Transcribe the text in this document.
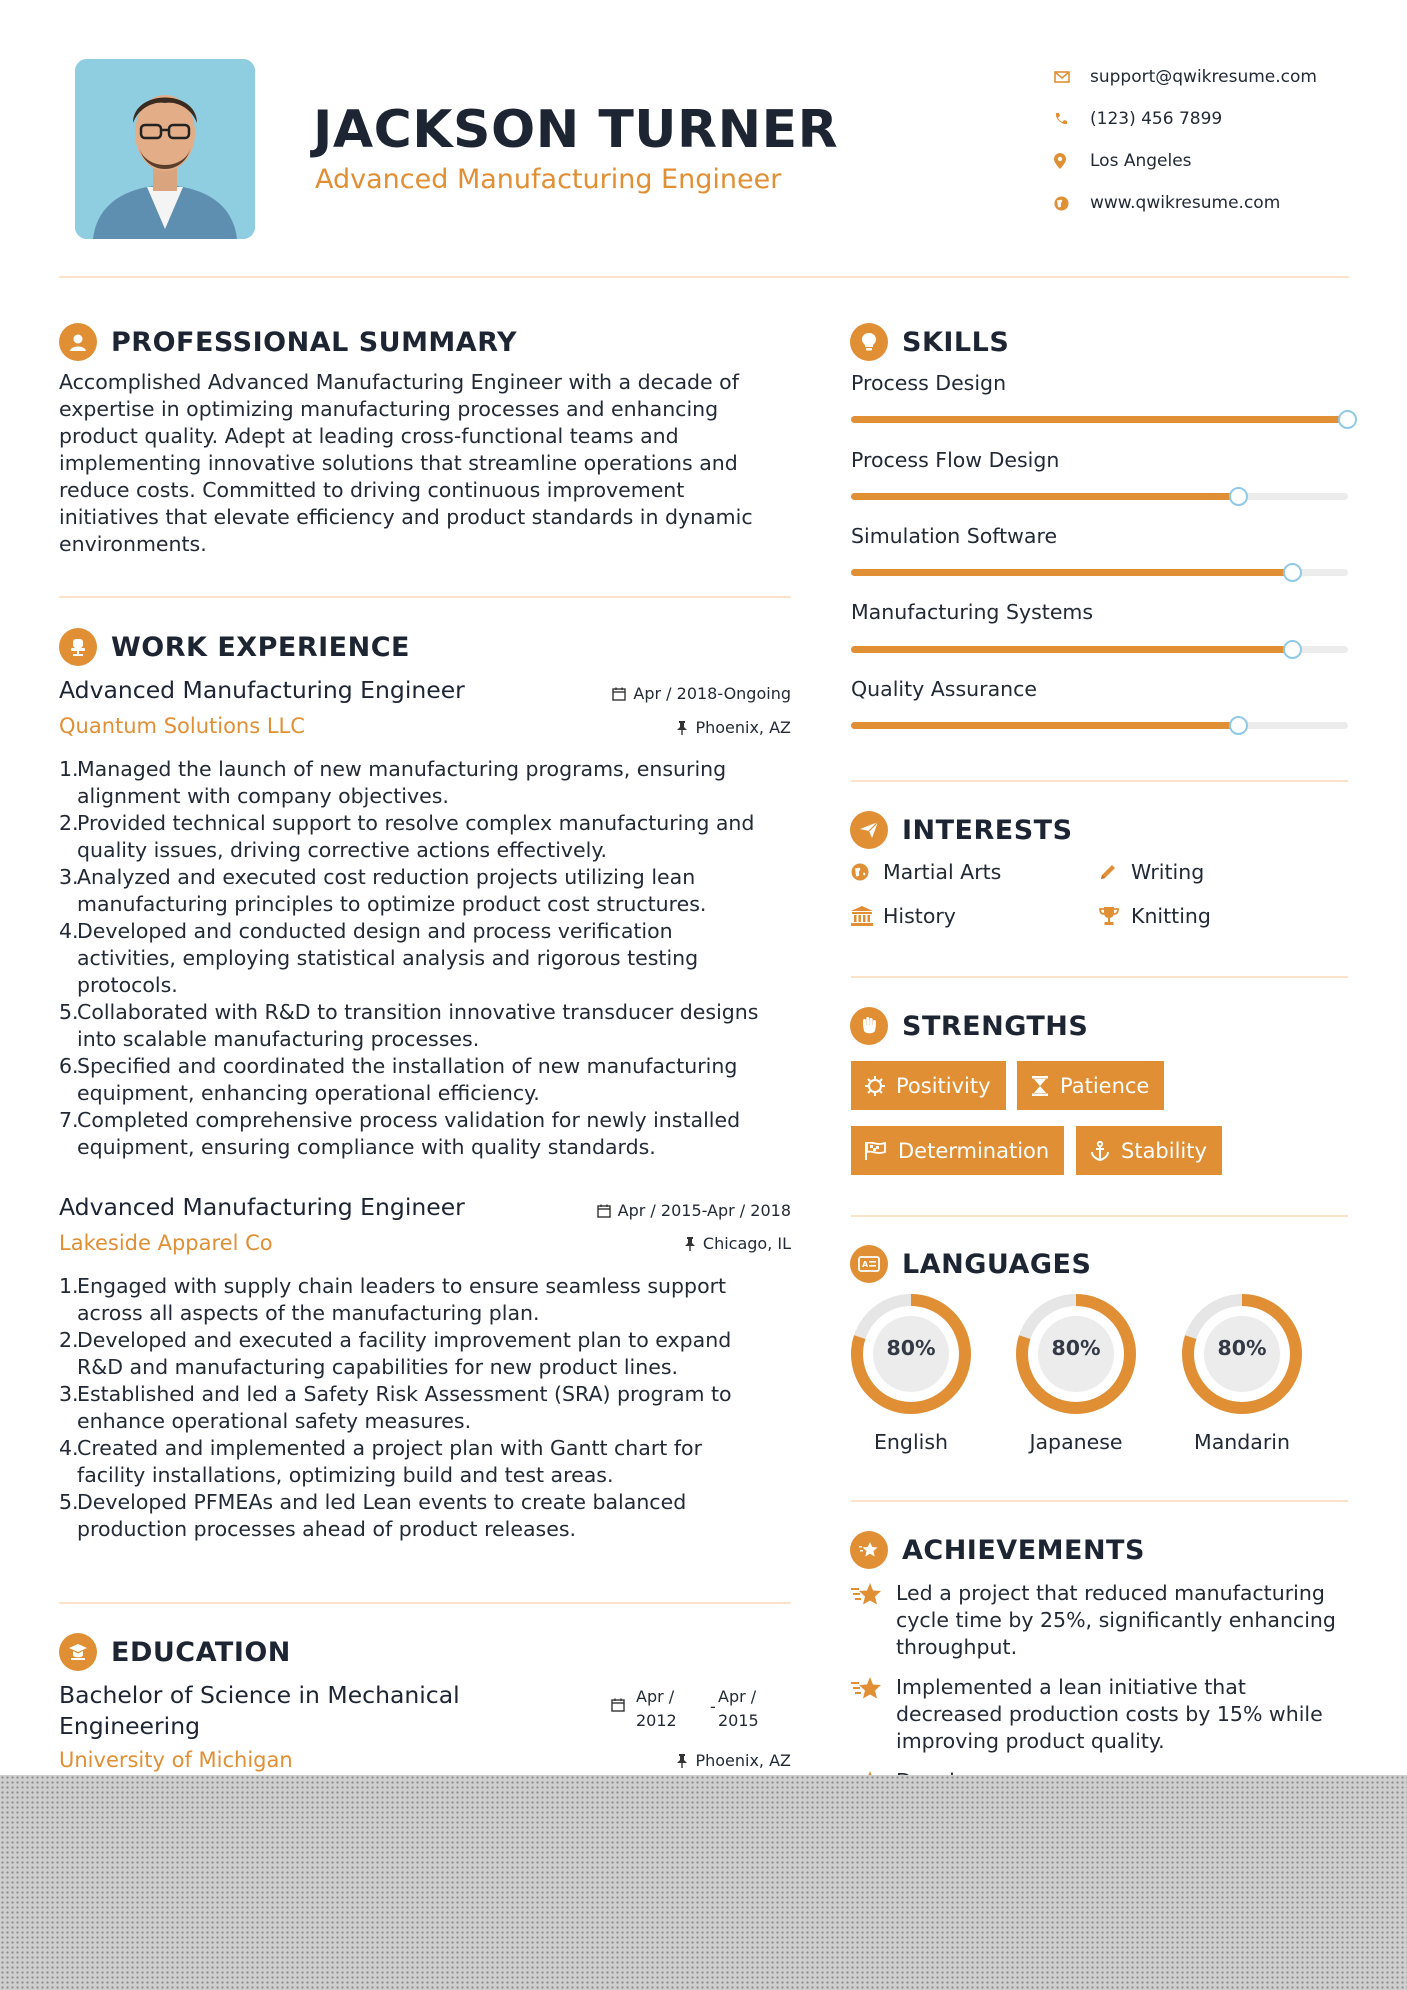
JACKSON TURNER
Advanced Manufacturing Engineer
support@qwikresume.com
(123) 456 7899
Los Angeles
www.qwikresume.com
PROFESSIONAL SUMMARY
Accomplished Advanced Manufacturing Engineer with a decade of
expertise in optimizing manufacturing processes and enhancing
product quality. Adept at leading cross-functional teams and
implementing innovative solutions that streamline operations and
reduce costs. Committed to driving continuous improvement
initiatives that elevate efficiency and product standards in dynamic
environments.
WORK EXPERIENCE
Advanced Manufacturing Engineer	Apr / 2018-Ongoing
Quantum Solutions LLC	Phoenix, AZ
1.
Managed the launch of new manufacturing programs, ensuring
alignment with company objectives.
2.
Provided technical support to resolve complex manufacturing and
quality issues, driving corrective actions effectively.
3.
Analyzed and executed cost reduction projects utilizing lean
manufacturing principles to optimize product cost structures.
4.
Developed and conducted design and process verification
activities, employing statistical analysis and rigorous testing
protocols.
5.
Collaborated with R&D to transition innovative transducer designs
into scalable manufacturing processes.
6.
Specified and coordinated the installation of new manufacturing
equipment, enhancing operational efficiency.
7.
Completed comprehensive process validation for newly installed
equipment, ensuring compliance with quality standards.
Advanced Manufacturing Engineer	Apr / 2015-Apr / 2018
Lakeside Apparel Co	Chicago, IL
1.
Engaged with supply chain leaders to ensure seamless support
across all aspects of the manufacturing plan.
2.
Developed and executed a facility improvement plan to expand
R&D and manufacturing capabilities for new product lines.
3.
Established and led a Safety Risk Assessment (SRA) program to
enhance operational safety measures.
4.
Created and implemented a project plan with Gantt chart for
facility installations, optimizing build and test areas.
5.
Developed PFMEAs and led Lean events to create balanced
production processes ahead of product releases.
EDUCATION
Bachelor of Science in Mechanical
Engineering
Apr /
2012
-
Apr /
2015
University of Michigan	Phoenix, AZ
SKILLS
Process Design
Process Flow Design
Simulation Software
Manufacturing Systems
Quality Assurance
INTERESTS
Martial Arts	Writing
History	Knitting
STRENGTHS
Positivity	Patience
Determination	Stability
A LANGUAGES
80%
English
80%
Japanese
80%
Mandarin
ACHIEVEMENTS
Led a project that reduced manufacturing
cycle time by 25%, significantly enhancing
throughput.
Implemented a lean initiative that
decreased production costs by 15% while
improving product quality.
